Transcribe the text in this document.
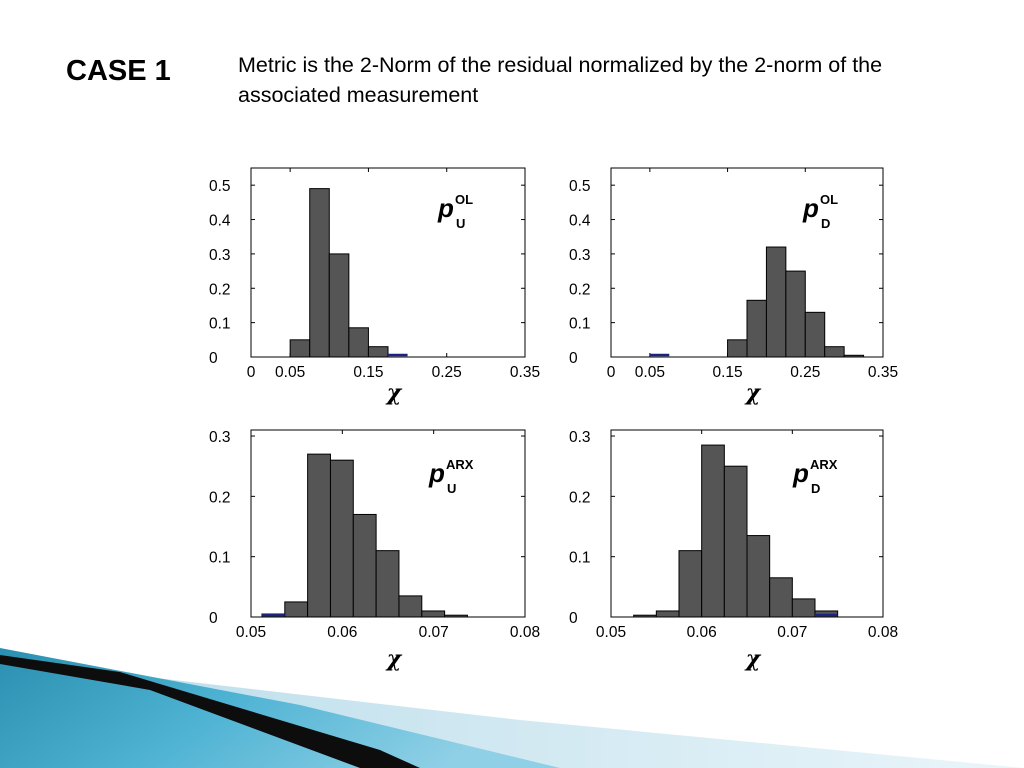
CASE 1	Metric is the 2-Norm of the residual normalized by the 2-norm of the associated measurement
0
0.1
0.2
0.3
0.4
0.5
0 0.05	0.15	0.25	0.35
χ
p OL
U
0
0.1
0.2
0.3
0.4
0.5
0 0.05	0.15	0.25	0.35
χ
p OL
D
0
0.1
0.2
0.3
0.05	0.06	0.07	0.08
χ
p ARX
U
0
0.1
0.2
0.3
0.05	0.06	0.07	0.08
χ
p ARX
D
